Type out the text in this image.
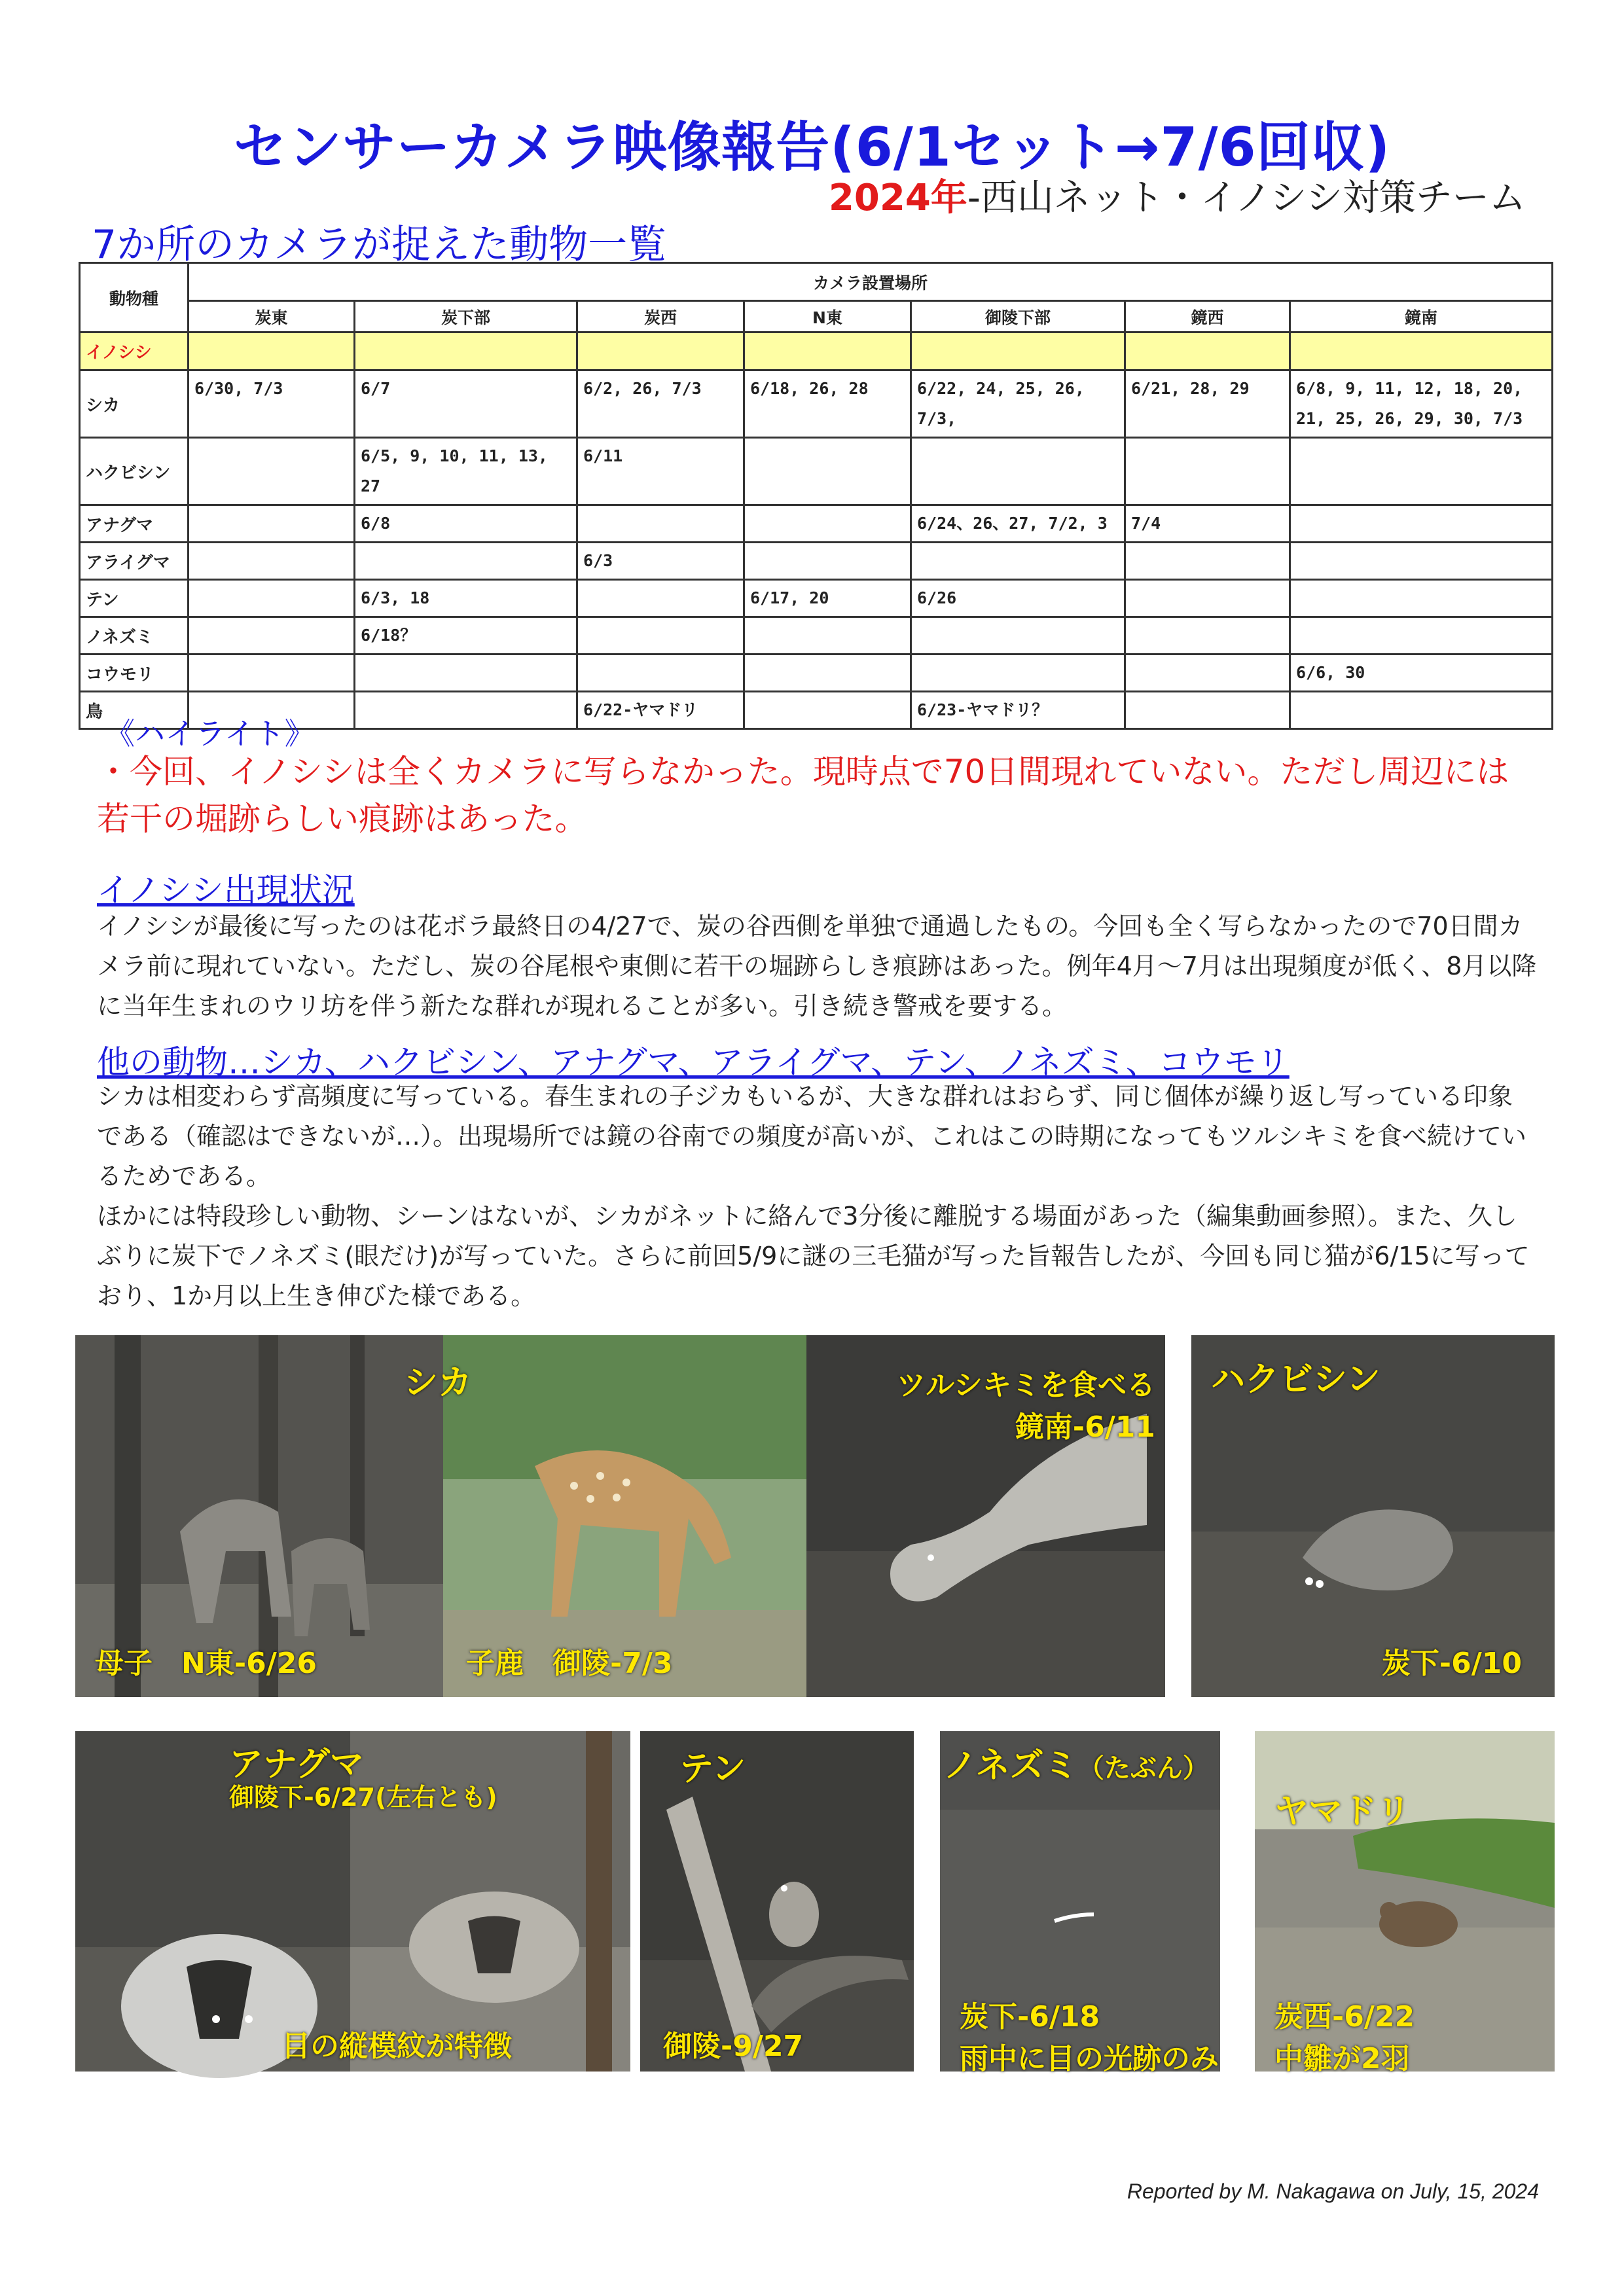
センサーカメラ映像報告(6/1セット→7/6回収)
2024年-西山ネット・イノシシ対策チーム
7か所のカメラが捉えた動物一覧
動物種	カメラ設置場所						
	炭東	炭下部	炭西	N東	御陵下部	鏡西	鏡南
イノシシ							
シカ	6/30, 7/3	6/7	6/2, 26, 7/3	6/18, 26, 28	6/22, 24, 25, 26, 7/3,	6/21, 28, 29	6/8, 9, 11, 12, 18, 20, 21, 25, 26, 29, 30, 7/3
ハクビシン		6/5, 9, 10, 11, 13, 27	6/11				
アナグマ		6/8			6/24、26、27, 7/2, 3	7/4	
アライグマ			6/3				
テン		6/3, 18		6/17, 20	6/26		
ノネズミ		6/18？					
コウモリ							6/6, 30
鳥			6/22-ヤマドリ		6/23-ヤマドリ？		
《ハイライト》
・今回、イノシシは全くカメラに写らなかった。現時点で70日間現れていない。ただし周辺には若干の堀跡らしい痕跡はあった。
イノシシ出現状況
イノシシが最後に写ったのは花ボラ最終日の4/27で、炭の谷西側を単独で通過したもの。今回も全く写らなかったので70日間カメラ前に現れていない。ただし、炭の谷尾根や東側に若干の堀跡らしき痕跡はあった。例年4月～7月は出現頻度が低く、8月以降に当年生まれのウリ坊を伴う新たな群れが現れることが多い。引き続き警戒を要する。
他の動物…シカ、ハクビシン、アナグマ、アライグマ、テン、ノネズミ、コウモリ
シカは相変わらず高頻度に写っている。春生まれの子ジカもいるが、大きな群れはおらず、同じ個体が繰り返し写っている印象である（確認はできないが…）。出現場所では鏡の谷南での頻度が高いが、これはこの時期になってもツルシキミを食べ続けているためである。
ほかには特段珍しい動物、シーンはないが、シカがネットに絡んで3分後に離脱する場面があった（編集動画参照）。また、久しぶりに炭下でノネズミ(眼だけ)が写っていた。さらに前回5/9に謎の三毛猫が写った旨報告したが、今回も同じ猫が6/15に写っており、1か月以上生き伸びた様である。
母子　N東-6/26
シカ
子鹿　御陵-7/3
ツルシキミを食べる
鏡南-6/11
ハクビシン
炭下-6/10
アナグマ
御陵下-6/27(左右とも)
目の縦模紋が特徴
テン
御陵-9/27
ノネズミ（たぶん）
炭下-6/18
雨中に目の光跡のみ
ヤマドリ
炭西-6/22
中雛が2羽
Reported by M. Nakagawa on July, 15, 2024
